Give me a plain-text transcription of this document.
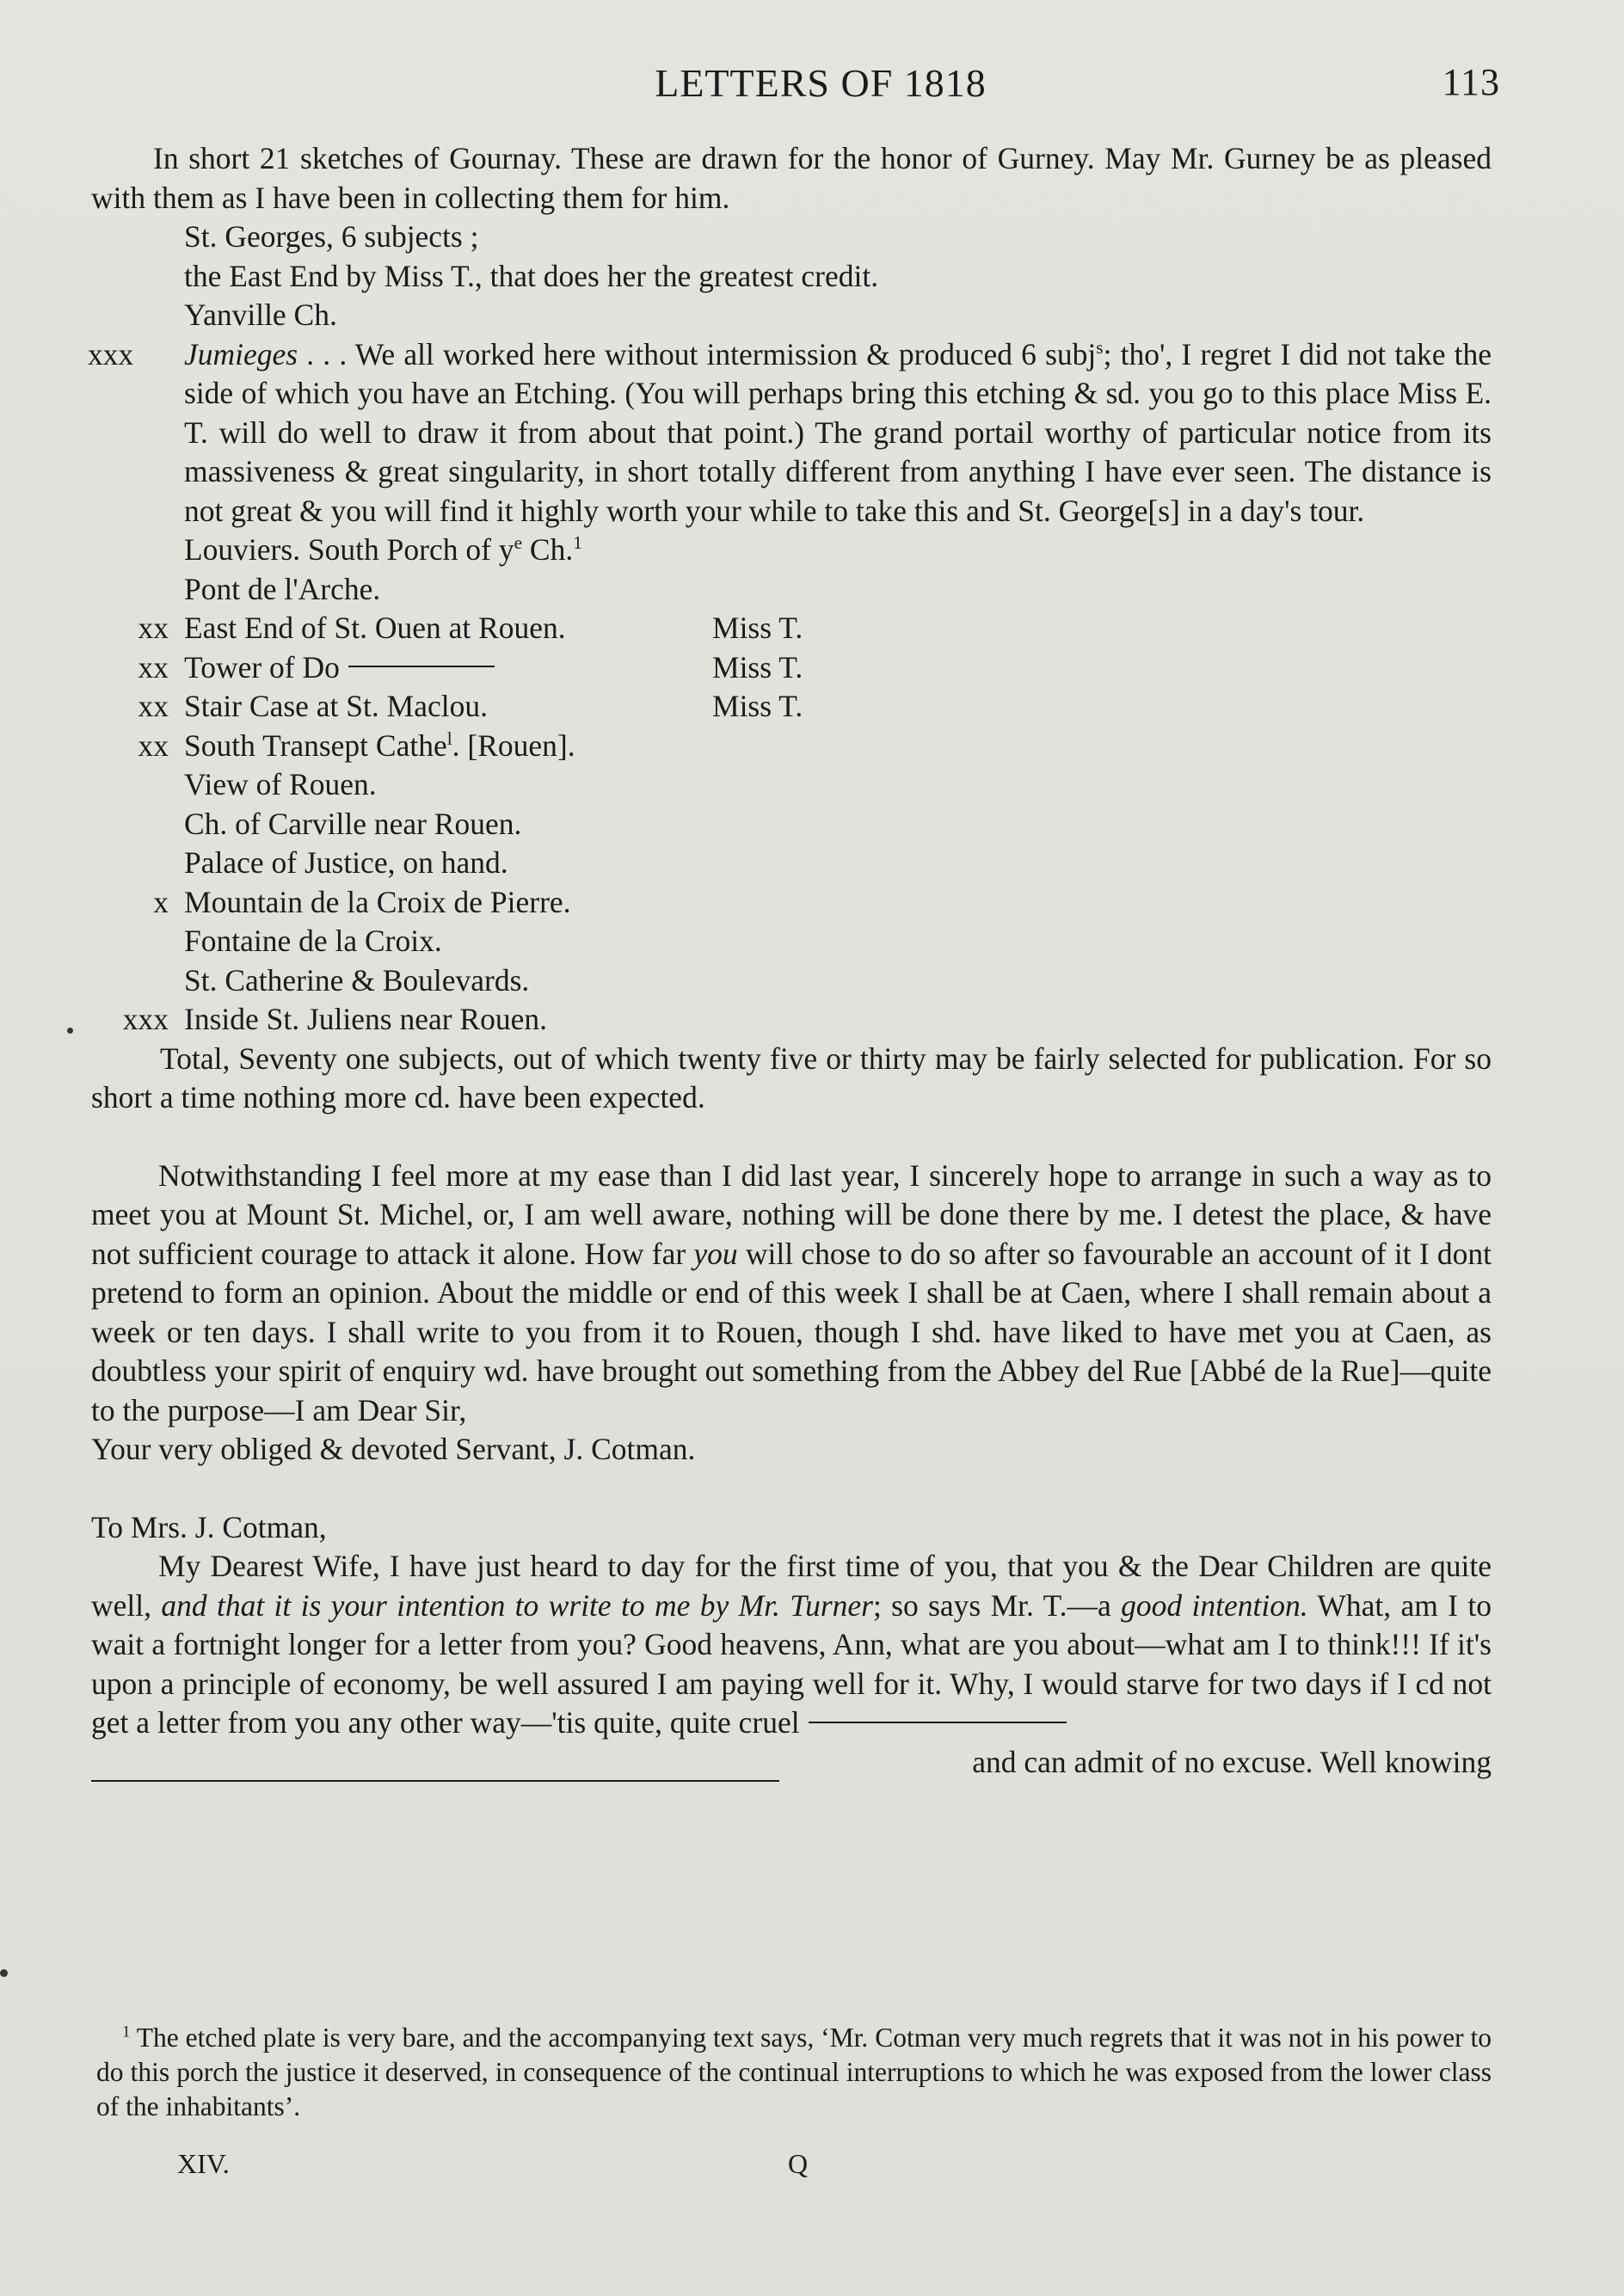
LETTERS OF 1818	113
In short 21 sketches of Gournay. These are drawn for the honor of Gurney. May Mr. Gurney be as pleased with them as I have been in collecting them for him.
St. Georges, 6 subjects ;
the East End by Miss T., that does her the greatest credit.
Yanville Ch.
xxx Jumieges . . . We all worked here without intermission & produced 6 subj$^s$; tho', I regret I did not take the side of which you have an Etching. (You will perhaps bring this etching & sd. you go to this place Miss E. T. will do well to draw it from about that point.) The grand portail worthy of particular notice from its massiveness & great singularity, in short totally different from anything I have ever seen. The distance is not great & you will find it highly worth your while to take this and St. George[s] in a day's tour.
Louviers. South Porch of $y^e$ Ch.$^1$
Pont de l'Arche.
xx East End of St. Ouen at Rouen.	Miss T.
xx Tower of Do	Miss T.
xx Stair Case at St. Maclou.	Miss T.
xx South Transept Cathe$^l$. [Rouen].
View of Rouen.
Ch. of Carville near Rouen.
Palace of Justice, on hand.
x Mountain de la Croix de Pierre.
Fontaine de la Croix.
St. Catherine & Boulevards.
xxx Inside St. Juliens near Rouen.
Total, Seventy one subjects, out of which twenty five or thirty may be fairly selected for publication. For so short a time nothing more cd. have been expected.
Notwithstanding I feel more at my ease than I did last year, I sincerely hope to arrange in such a way as to meet you at Mount St. Michel, or, I am well aware, nothing will be done there by me. I detest the place, & have not sufficient courage to attack it alone. How far you will chose to do so after so favourable an account of it I dont pretend to form an opinion. About the middle or end of this week I shall be at Caen, where I shall remain about a week or ten days. I shall write to you from it to Rouen, though I shd. have liked to have met you at Caen, as doubtless your spirit of enquiry wd. have brought out something from the Abbey del Rue [Abbé de la Rue]—quite to the purpose—I am Dear Sir,
Your very obliged & devoted Servant, J. Cotman.
To Mrs. J. Cotman,
My Dearest Wife, I have just heard to day for the first time of you, that you & the Dear Children are quite well, and that it is your intention to write to me by Mr. Turner; so says Mr. T.—a good intention. What, am I to wait a fortnight longer for a letter from you? Good heavens, Ann, what are you about—what am I to think!!! If it's upon a principle of economy, be well assured I am paying well for it. Why, I would starve for two days if I cd not get a letter from you any other way—'tis quite, quite cruel
and can admit of no excuse. Well knowing
$^1$ The etched plate is very bare, and the accompanying text says, ‘Mr. Cotman very much regrets that it was not in his power to do this porch the justice it deserved, in consequence of the continual interruptions to which he was exposed from the lower class of the inhabitants’.
XIV.	Q
